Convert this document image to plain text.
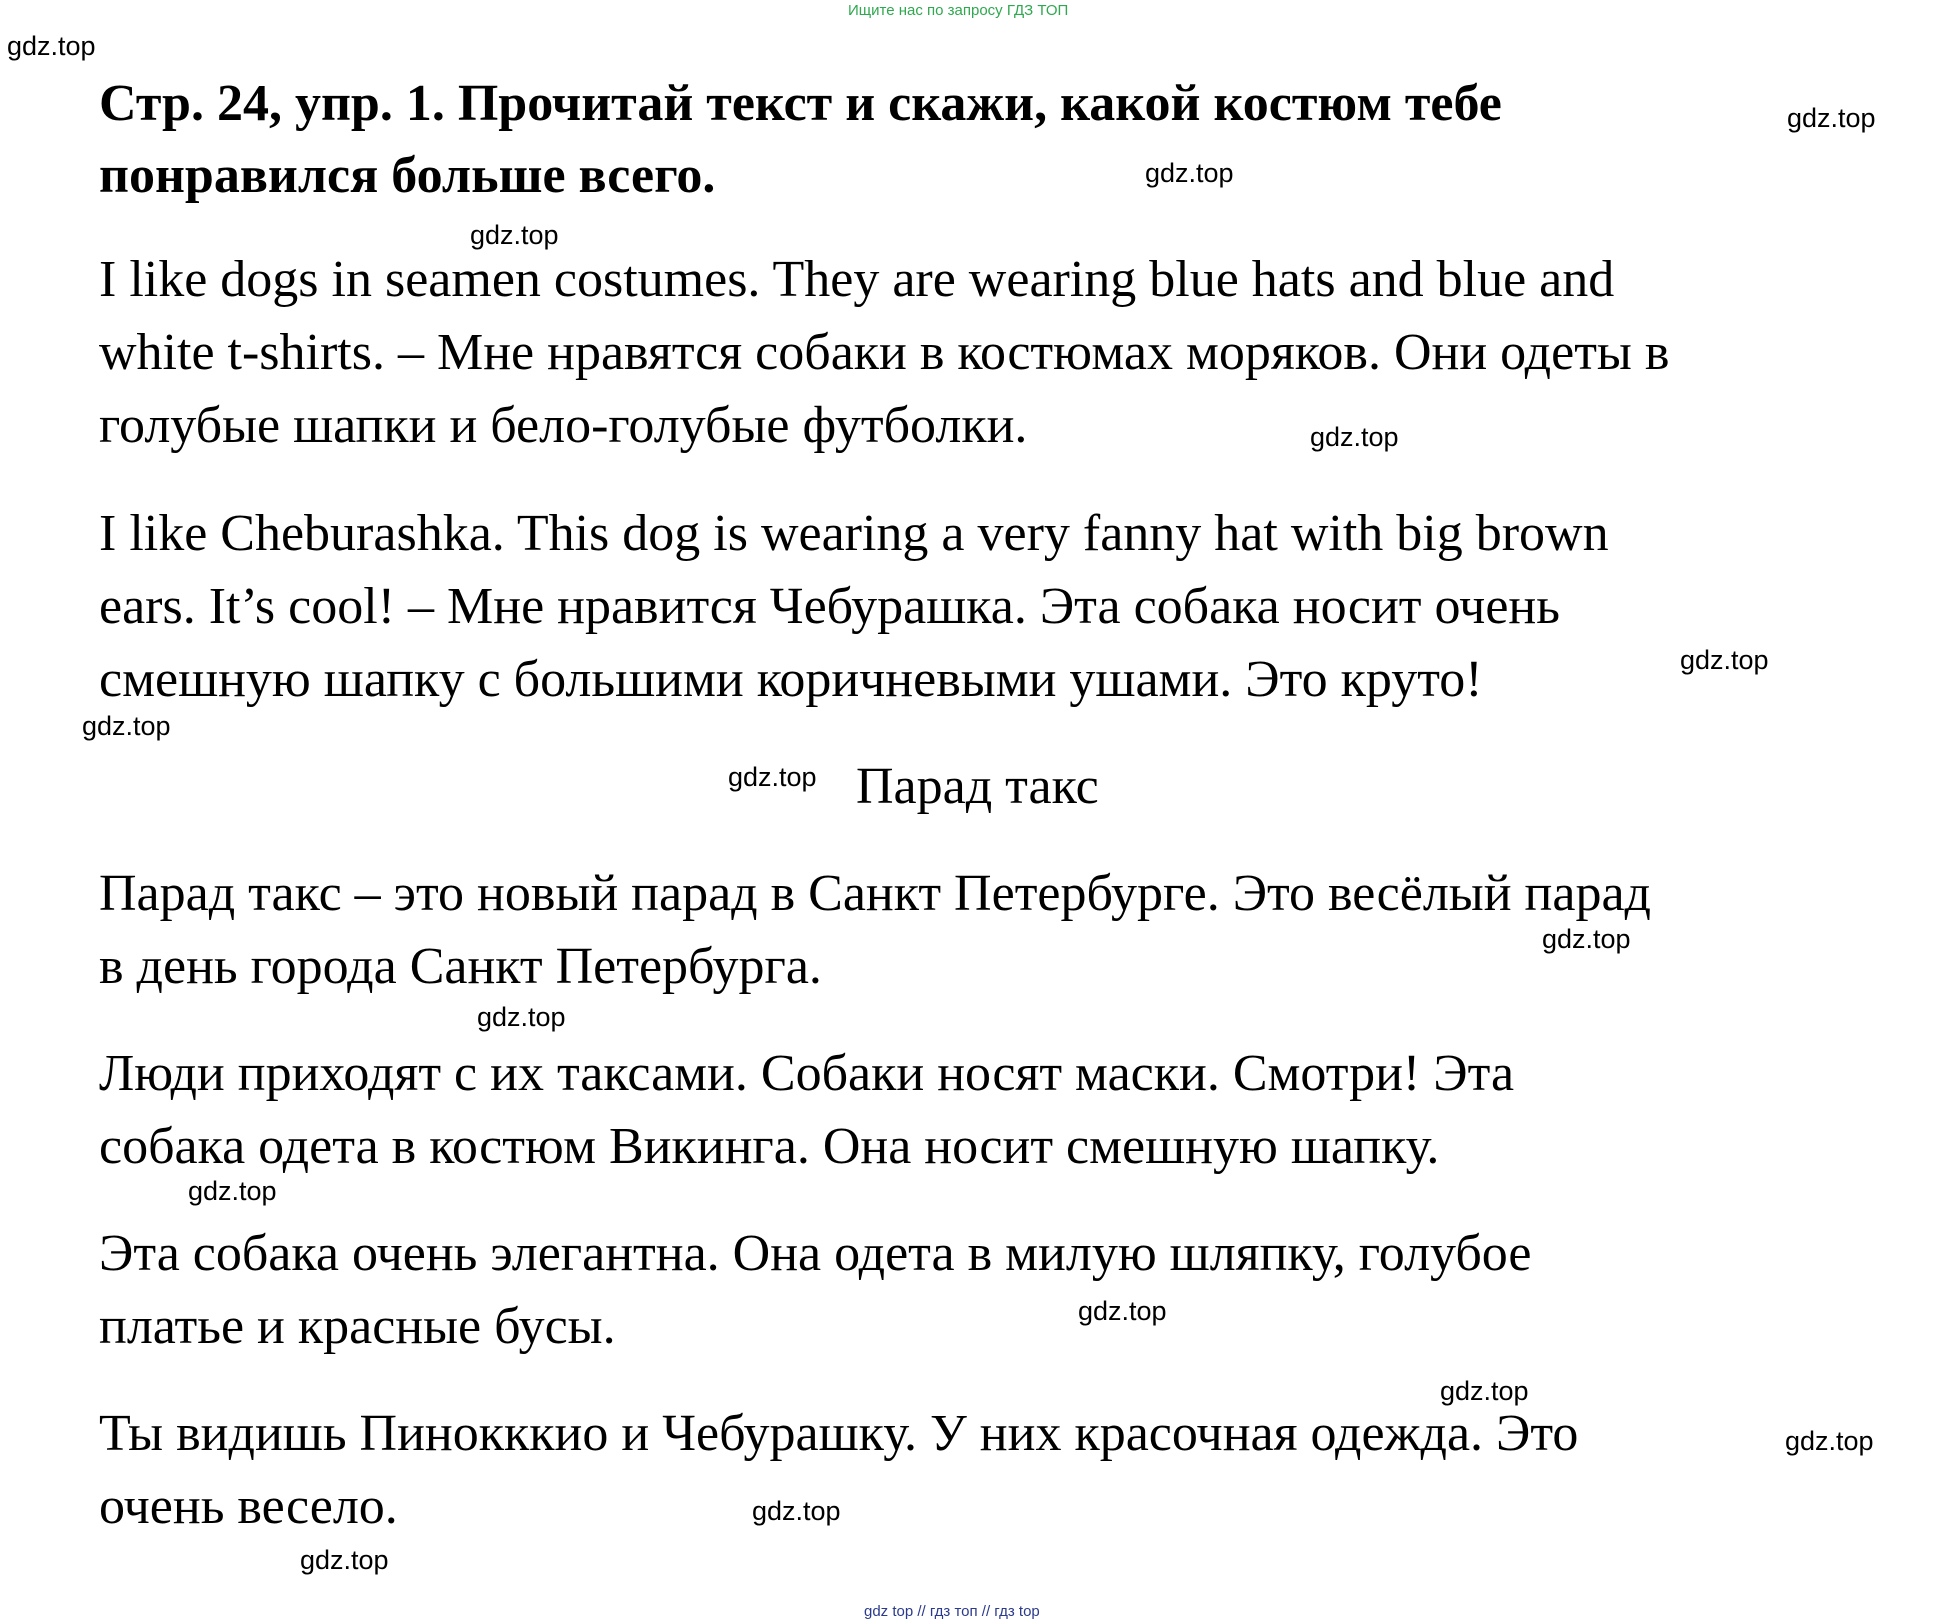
Ищите нас по запросу ГДЗ ТОП
Стр. 24, упр. 1. Прочитай текст и скажи, какой костюм тебе
понравился больше всего.
I like dogs in seamen costumes. They are wearing blue hats and blue and
white t-shirts. – Мне нравятся собаки в костюмах моряков. Они одеты в
голубые шапки и бело-голубые футболки.
I like Cheburashka. This dog is wearing a very fanny hat with big brown
ears. It’s cool! – Мне нравится Чебурашка. Эта собака носит очень
смешную шапку с большими коричневыми ушами. Это круто!
Парад такс
Парад такс – это новый парад в Санкт Петербурге. Это весёлый парад
в день города Санкт Петербурга.
Люди приходят с их таксами. Собаки носят маски. Смотри! Эта
собака одета в костюм Викинга. Она носит смешную шапку.
Эта собака очень элегантна. Она одета в милую шляпку, голубое
платье и красные бусы.
Ты видишь Пинокккио и Чебурашку. У них красочная одежда. Это
очень весело.
gdz.top
gdz.top
gdz.top
gdz.top
gdz.top
gdz.top
gdz.top
gdz.top
gdz.top
gdz.top
gdz.top
gdz.top
gdz.top
gdz.top
gdz.top
gdz.top
gdz top // гдз топ // гдз top
